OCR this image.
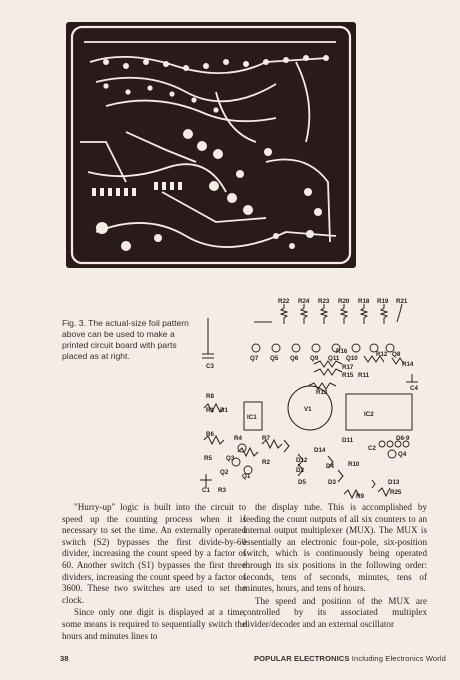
Fig. 3. The actual-size foil pattern above can be used to make a printed circuit board with parts placed as at right.
R22 R24 R23 R20 R18 R19 R21
Q7 Q5 Q6 Q9 Q11 Q10
R12 Q8
R16
R14
R17
R15 R11
R13
C4
C3
R8
R1 D1
IC1
V1
IC2
R6
R4	R7	D11
C2
D6-9
R5 Q3
Q4
D14
R2	D12
D2
D4 R10
D13
Q2
Q1
D5	D3
C1 R3
R9
R25

"Hurry-up" logic is built into the circuit to speed up the counting process when it is necessary to set the time. An externally operated switch (S2) bypasses the first divide-by-60 divider, increasing the count speed by a factor of 60. Another switch (S1) bypasses the first three dividers, increasing the count speed by a factor of 3600. These two switches are used to set the clock.

Since only one digit is displayed at a time, some means is required to sequentially switch the hours and minutes lines to

the display tube. This is accomplished by feeding the count outputs of all six counters to an internal output multiplexer (MUX). The MUX is essentially an electronic four-pole, six-position switch, which is continuously being operated through its six positions in the following order: seconds, tens of seconds, minutes, tens of minutes, hours, and tens of hours.

The speed and position of the MUX are controlled by its associated multiplex divider/decoder and an external oscillator

38	POPULAR ELECTRONICS Including Electronics World
